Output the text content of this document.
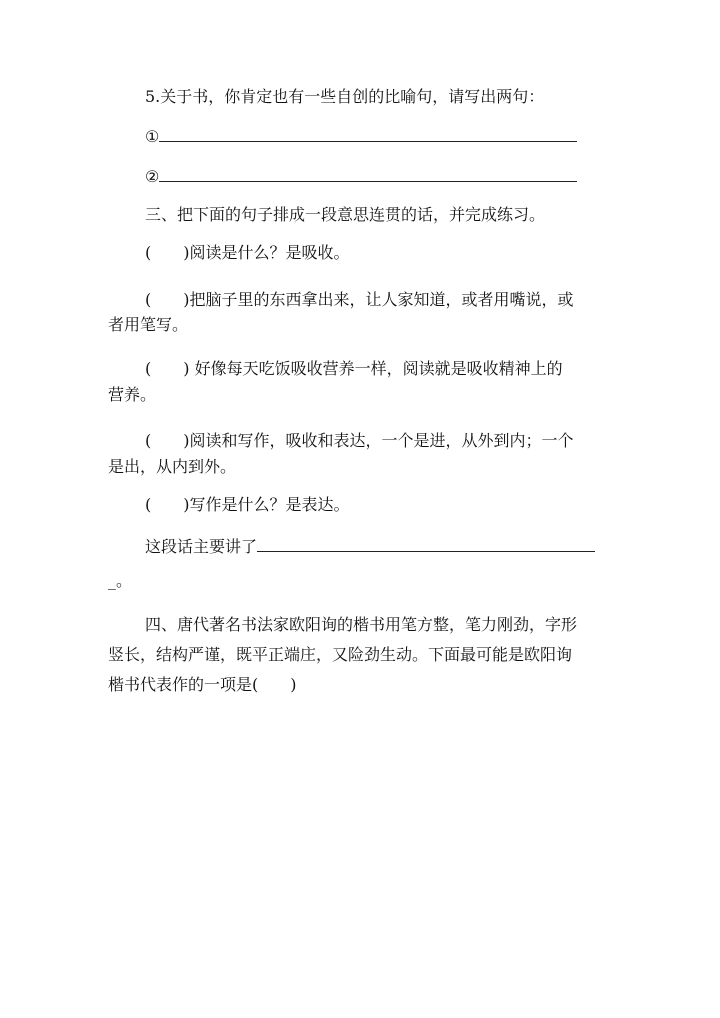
5.关于书，你肯定也有一些自创的比喻句，请写出两句：
①
②
三、把下面的句子排成一段意思连贯的话，并完成练习。
(　　)阅读是什么？是吸收。
(　　)把脑子里的东西拿出来，让人家知道，或者用嘴说，或
者用笔写。
(　　) 好像每天吃饭吸收营养一样，阅读就是吸收精神上的
营养。
(　　)阅读和写作，吸收和表达，一个是进，从外到内；一个
是出，从内到外。
(　　)写作是什么？是表达。
这段话主要讲了
_。
四、唐代著名书法家欧阳询的楷书用笔方整，笔力刚劲，字形
竖长，结构严谨，既平正端庄，又险劲生动。下面最可能是欧阳询
楷书代表作的一项是(　　)
